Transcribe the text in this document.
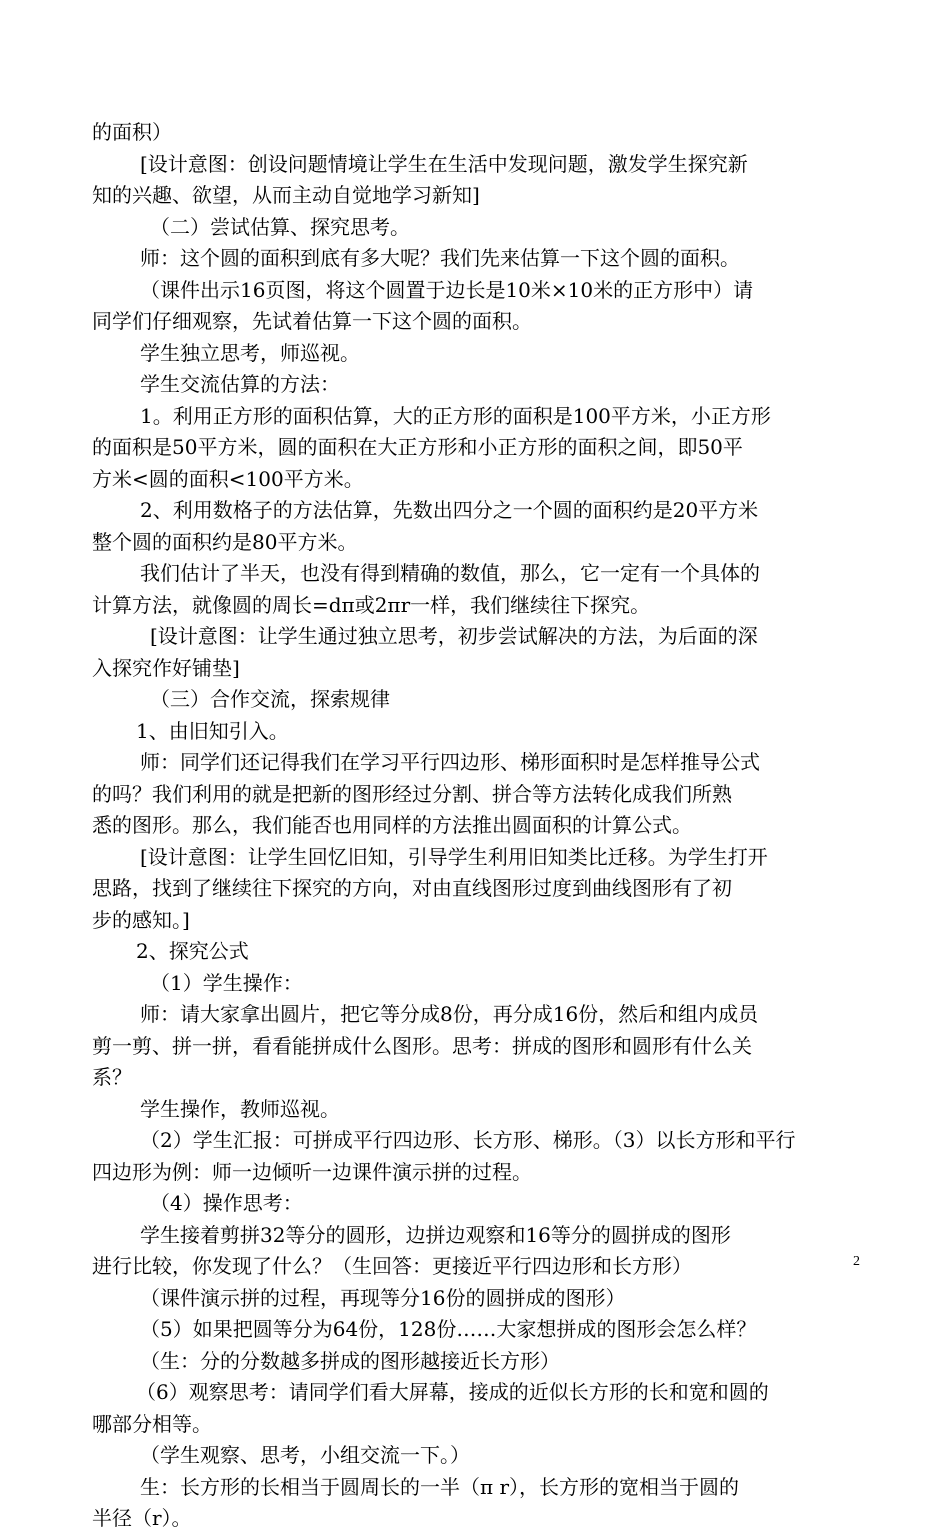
的面积）
[设计意图：创设问题情境让学生在生活中发现问题，激发学生探究新
知的兴趣、欲望，从而主动自觉地学习新知]
（二）尝试估算、探究思考。
师：这个圆的面积到底有多大呢？我们先来估算一下这个圆的面积。
（课件出示16页图，将这个圆置于边长是10米×10米的正方形中）请
同学们仔细观察，先试着估算一下这个圆的面积。
学生独立思考，师巡视。
学生交流估算的方法：
1。利用正方形的面积估算，大的正方形的面积是100平方米，小正方形
的面积是50平方米，圆的面积在大正方形和小正方形的面积之间，即50平
方米<圆的面积<100平方米。
2、利用数格子的方法估算，先数出四分之一个圆的面积约是20平方米
整个圆的面积约是80平方米。
我们估计了半天，也没有得到精确的数值，那么，它一定有一个具体的
计算方法，就像圆的周长=dπ或2πr一样，我们继续往下探究。
[设计意图：让学生通过独立思考，初步尝试解决的方法，为后面的深
入探究作好铺垫]
（三）合作交流，探索规律
1、由旧知引入。
师：同学们还记得我们在学习平行四边形、梯形面积时是怎样推导公式
的吗？我们利用的就是把新的图形经过分割、拼合等方法转化成我们所熟
悉的图形。那么，我们能否也用同样的方法推出圆面积的计算公式。
[设计意图：让学生回忆旧知，引导学生利用旧知类比迁移。为学生打开
思路，找到了继续往下探究的方向，对由直线图形过度到曲线图形有了初
步的感知。]
2、探究公式
（1）学生操作：
师：请大家拿出圆片，把它等分成8份，再分成16份，然后和组内成员
剪一剪、拼一拼，看看能拼成什么图形。思考：拼成的图形和圆形有什么关
系？
学生操作，教师巡视。
（2）学生汇报：可拼成平行四边形、长方形、梯形。（3）以长方形和平行
四边形为例：师一边倾听一边课件演示拼的过程。
（4）操作思考：
学生接着剪拼32等分的圆形，边拼边观察和16等分的圆拼成的图形
进行比较，你发现了什么？（生回答：更接近平行四边形和长方形）
（课件演示拼的过程，再现等分16份的圆拼成的图形）
（5）如果把圆等分为64份，128份……大家想拼成的图形会怎么样？
（生：分的分数越多拼成的图形越接近长方形）
（6）观察思考：请同学们看大屏幕，接成的近似长方形的长和宽和圆的
哪部分相等。
（学生观察、思考，小组交流一下。）
生：长方形的长相当于圆周长的一半（π r），长方形的宽相当于圆的
半径（r）。
2
